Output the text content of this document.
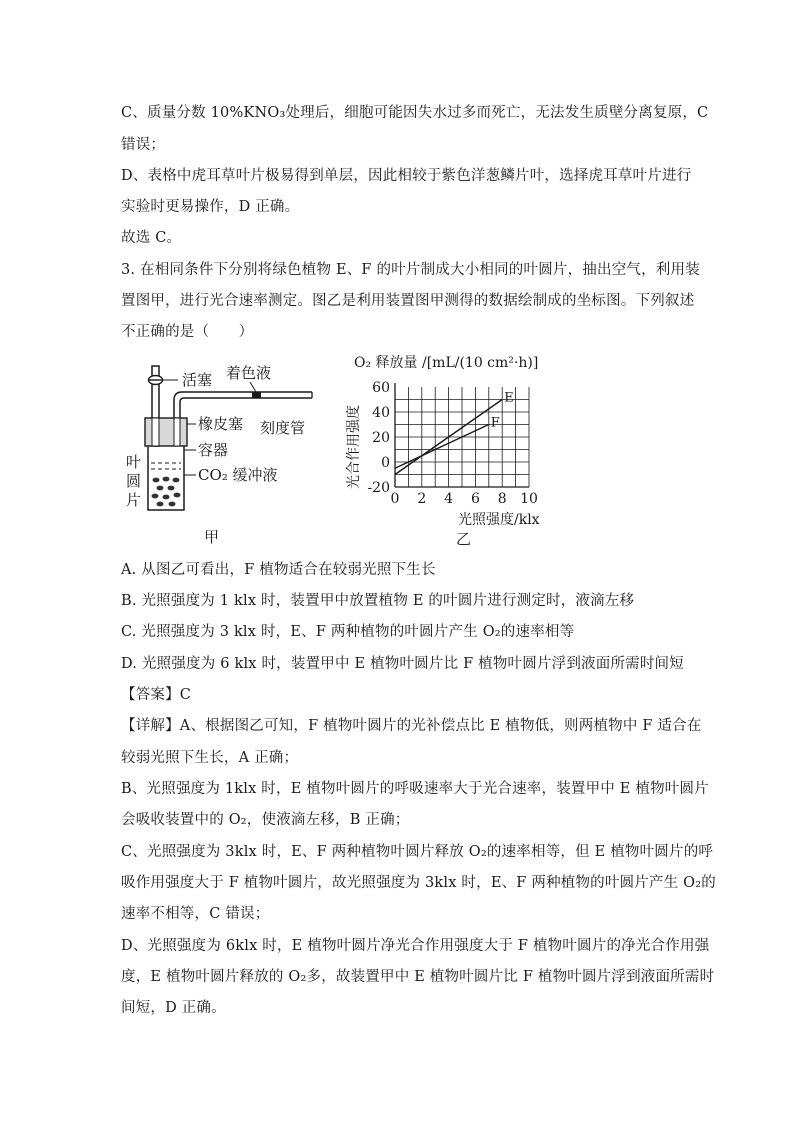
C、质量分数 10%KNO₃处理后，细胞可能因失水过多而死亡，无法发生质壁分离复原，C
错误；
D、表格中虎耳草叶片极易得到单层，因此相较于紫色洋葱鳞片叶，选择虎耳草叶片进行
实验时更易操作，D 正确。
故选 C。
3. 在相同条件下分别将绿色植物 E、F 的叶片制成大小相同的叶圆片，抽出空气，利用装
置图甲，进行光合速率测定。图乙是利用装置图甲测得的数据绘制成的坐标图。下列叙述
不正确的是（　　）
活塞 着色液
橡皮塞 刻度管
容器
CO₂ 缓冲液
叶
圆
片
甲
O₂ 释放量 /[mL/(10 cm²·h)]
光合作用强度
0 2 4 6 8 10
-20
0
20
40
60
E
F
光照强度/klx
乙
A. 从图乙可看出，F 植物适合在较弱光照下生长
B. 光照强度为 1 klx 时，装置甲中放置植物 E 的叶圆片进行测定时，液滴左移
C. 光照强度为 3 klx 时，E、F 两种植物的叶圆片产生 O₂的速率相等
D. 光照强度为 6 klx 时，装置甲中 E 植物叶圆片比 F 植物叶圆片浮到液面所需时间短
【答案】C
【详解】A、根据图乙可知，F 植物叶圆片的光补偿点比 E 植物低，则两植物中 F 适合在
较弱光照下生长，A 正确；
B、光照强度为 1klx 时，E 植物叶圆片的呼吸速率大于光合速率，装置甲中 E 植物叶圆片
会吸收装置中的 O₂，使液滴左移，B 正确；
C、光照强度为 3klx 时，E、F 两种植物叶圆片释放 O₂的速率相等，但 E 植物叶圆片的呼
吸作用强度大于 F 植物叶圆片，故光照强度为 3klx 时，E、F 两种植物的叶圆片产生 O₂的
速率不相等，C 错误；
D、光照强度为 6klx 时，E 植物叶圆片净光合作用强度大于 F 植物叶圆片的净光合作用强
度，E 植物叶圆片释放的 O₂多，故装置甲中 E 植物叶圆片比 F 植物叶圆片浮到液面所需时
间短，D 正确。
